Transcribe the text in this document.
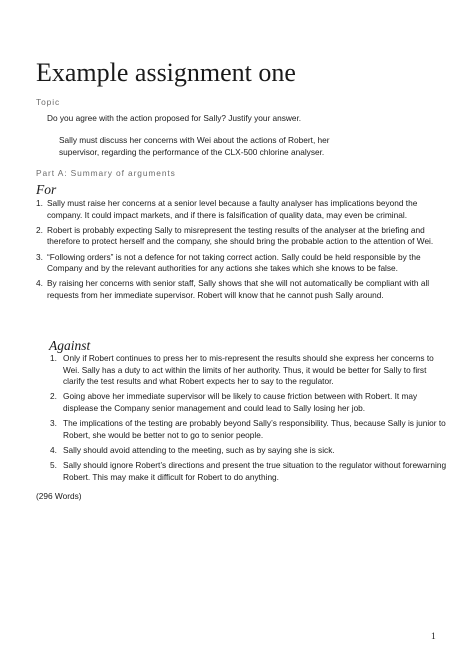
Example assignment one
Topic
Do you agree with the action proposed for Sally? Justify your answer.
Sally must discuss her concerns with Wei about the actions of Robert, her supervisor, regarding the performance of the CLX-500 chlorine analyser.
Part A: Summary of arguments
For
1. Sally must raise her concerns at a senior level because a faulty analyser has implications beyond the company. It could impact markets, and if there is falsification of quality data, may even be criminal.
2. Robert is probably expecting Sally to misrepresent the testing results of the analyser at the briefing and therefore to protect herself and the company, she should bring the probable action to the attention of Wei.
3. “Following orders” is not a defence for not taking correct action. Sally could be held responsible by the Company and by the relevant authorities for any actions she takes which she knows to be false.
4. By raising her concerns with senior staff, Sally shows that she will not automatically be compliant with all requests from her immediate supervisor. Robert will know that he cannot push Sally around.
Against
1. Only if Robert continues to press her to mis-represent the results should she express her concerns to Wei. Sally has a duty to act within the limits of her authority. Thus, it would be better for Sally to first clarify the test results and what Robert expects her to say to the regulator.
2. Going above her immediate supervisor will be likely to cause friction between with Robert. It may displease the Company senior management and could lead to Sally losing her job.
3. The implications of the testing are probably beyond Sally’s responsibility. Thus, because Sally is junior to Robert, she would be better not to go to senior people.
4. Sally should avoid attending to the meeting, such as by saying she is sick.
5. Sally should ignore Robert’s directions and present the true situation to the regulator without forewarning Robert. This may make it difficult for Robert to do anything.
(296 Words)
1
